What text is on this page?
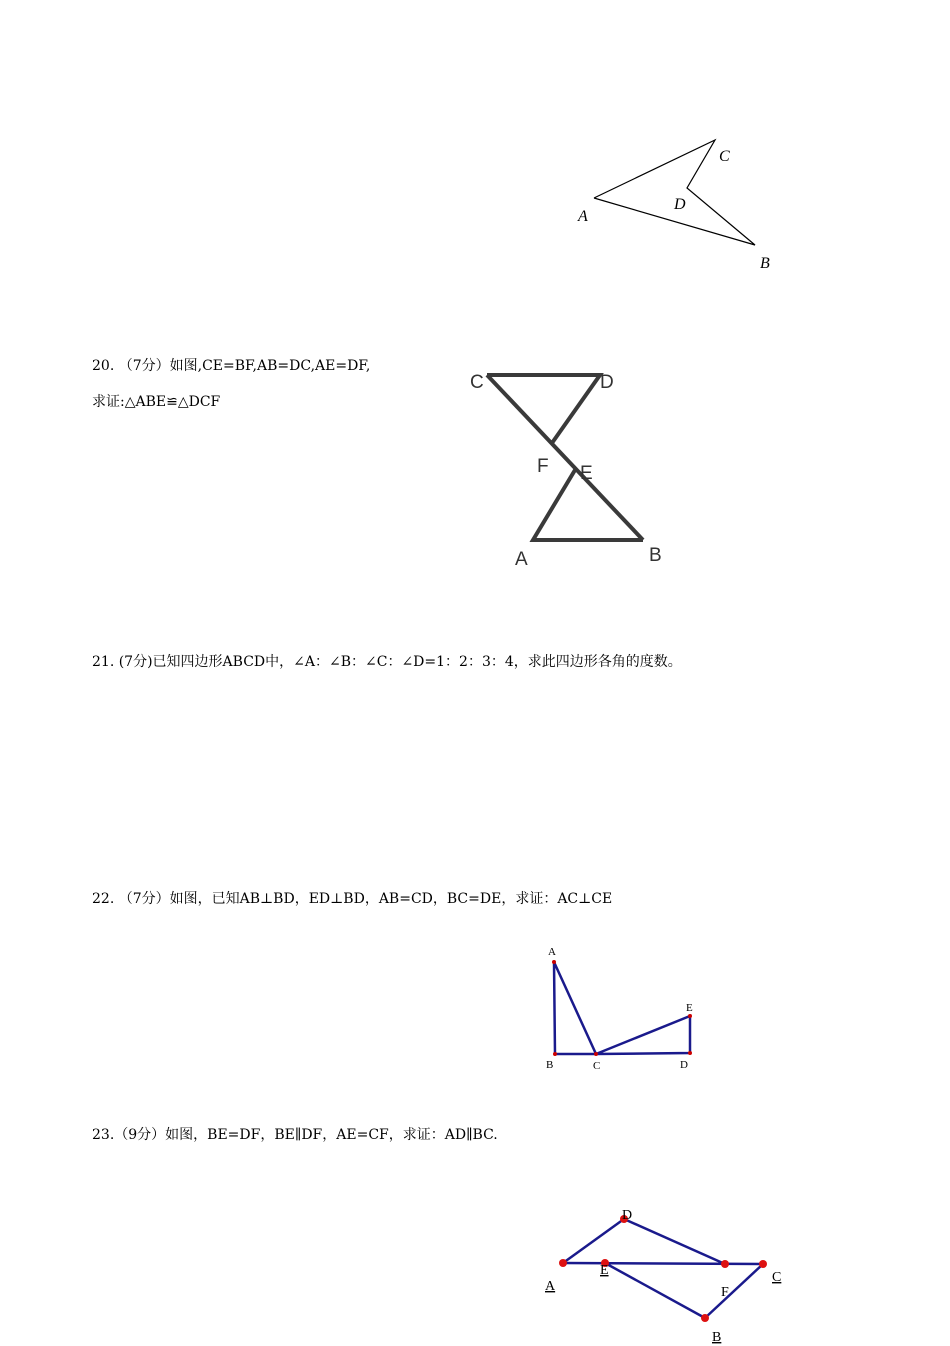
C
D
A
B
20. （7分）如图,CE=BF,AB=DC,AE=DF,
求证:△ABE≌△DCF
C	D
F E
A	B
21. (7分)已知四边形ABCD中，∠A：∠B：∠C：∠D=1：2：3：4，求此四边形各角的度数。
22. （7分）如图，已知AB⊥BD，ED⊥BD，AB=CD，BC=DE，求证：AC⊥CE
A
E
B	C	D
23.（9分）如图，BE=DF，BE∥DF，AE=CF，求证：AD∥BC.
D
E
A	F
C
B
